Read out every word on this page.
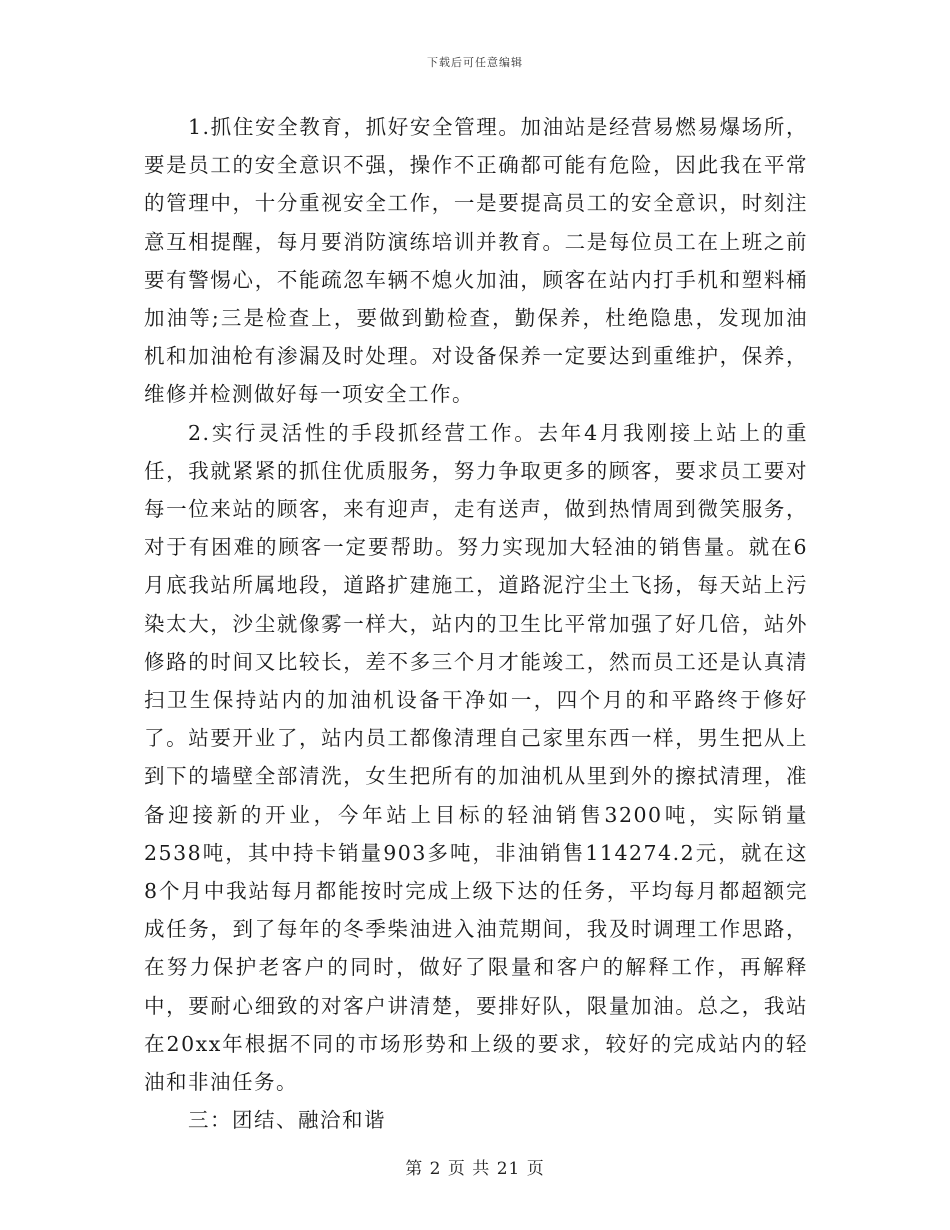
下载后可任意编辑

1.抓住安全教育，抓好安全管理。加油站是经营易燃易爆场所，要是员工的安全意识不强，操作不正确都可能有危险，因此我在平常的管理中，十分重视安全工作，一是要提高员工的安全意识，时刻注意互相提醒，每月要消防演练培训并教育。二是每位员工在上班之前要有警惕心，不能疏忽车辆不熄火加油，顾客在站内打手机和塑料桶加油等;三是检查上，要做到勤检查，勤保养，杜绝隐患，发现加油机和加油枪有渗漏及时处理。对设备保养一定要达到重维护，保养，维修并检测做好每一项安全工作。

2.实行灵活性的手段抓经营工作。去年4月我刚接上站上的重任，我就紧紧的抓住优质服务，努力争取更多的顾客，要求员工要对每一位来站的顾客，来有迎声，走有送声，做到热情周到微笑服务，对于有困难的顾客一定要帮助。努力实现加大轻油的销售量。就在6月底我站所属地段，道路扩建施工，道路泥泞尘土飞扬，每天站上污染太大，沙尘就像雾一样大，站内的卫生比平常加强了好几倍，站外修路的时间又比较长，差不多三个月才能竣工，然而员工还是认真清扫卫生保持站内的加油机设备干净如一，四个月的和平路终于修好了。站要开业了，站内员工都像清理自己家里东西一样，男生把从上到下的墙壁全部清洗，女生把所有的加油机从里到外的擦拭清理，准备迎接新的开业，今年站上目标的轻油销售3200吨，实际销量2538吨，其中持卡销量903多吨，非油销售114274.2元，就在这8个月中我站每月都能按时完成上级下达的任务，平均每月都超额完成任务，到了每年的冬季柴油进入油荒期间，我及时调理工作思路，在努力保护老客户的同时，做好了限量和客户的解释工作，再解释中，要耐心细致的对客户讲清楚，要排好队，限量加油。总之，我站在20xx年根据不同的市场形势和上级的要求，较好的完成站内的轻油和非油任务。

三：团结、融洽和谐

第 2 页 共 21 页
